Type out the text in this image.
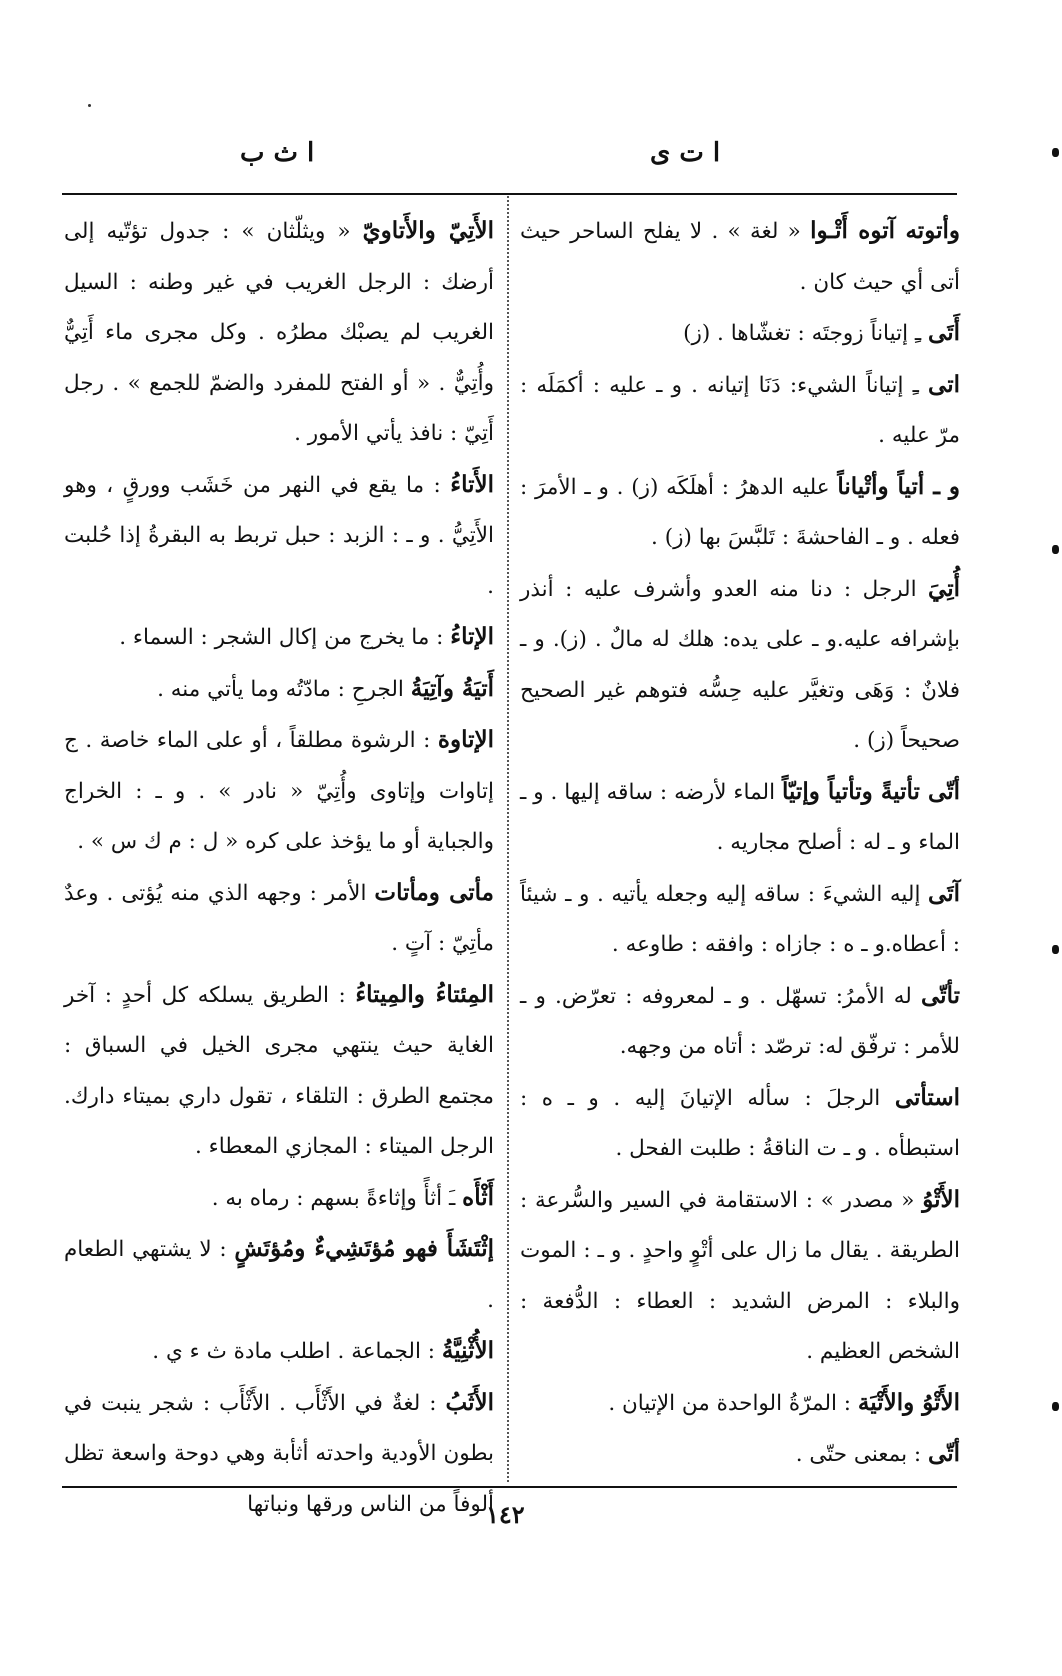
ا ت ى
ا ث ب

وأتوته آتوه أَتْـوا « لغة » . لا يفلح الساحر حيث أتى أي حيث كان .

أَتَى ـِ إتياناً زوجتَه : تغشّاها . (ز)

اتى ـِ إتياناً الشيء: دَنَا إتيانه . و ـ عليه : أكمَلَه : مرّ عليه .

و ـ أتياً وأتْياناً عليه الدهرُ : أهلَكَه (ز) . و ـ الأمرَ : فعله . و ـ الفاحشةَ : تَلبَّسَ بها (ز) .

أُتِيَ الرجل : دنا منه العدو وأشرف عليه : أنذر بإشرافه عليه.و ـ على يده: هلك له مالٌ . (ز). و ـ فلانٌ : وَهَى وتغيَّر عليه حِسُّه فتوهم غير الصحيح صحيحاً (ز) .

أتّى تأتيةً وتأتياً وإتيّاً الماء لأرضه : ساقه إليها . و ـ الماء و ـ له : أصلح مجاريه .

آتَى إليه الشيءَ : ساقه إليه وجعله يأتيه . و ـ شيئاً : أعطاه.و ـ ه : جازاه : وافقه : طاوعه .

تأتّى له الأمرُ: تسهّل . و ـ لمعروفه : تعرّض. و ـ للأمر : ترفّق له: ترصّد : أتاه من وجهه.

استأتى الرجلَ : سأله الإتيانَ إليه . و ـ ه : استبطأه . و ـ ت الناقةُ : طلبت الفحل .

الأَتْوُ « مصدر » : الاستقامة في السير والسُّرعة : الطريقة . يقال ما زال على أتْوٍ واحدٍ . و ـ : الموت والبلاء : المرض الشديد : العطاء : الدُّفعة : الشخص العظيم .

الأَتْوُ والأَتْيَة : المرّةُ الواحدة من الإتيان .

أتّى : بمعنى حتّى .

الأَتِيّ والأَتاويّ « ويثلّثان » : جدول تؤتّيه إلى أرضك : الرجل الغريب في غير وطنه : السيل الغريب لم يصبْك مطرُه . وكل مجرى ماء أَتِيٌّ وأُتِيٌّ . « أو الفتح للمفرد والضمّ للجمع » . رجل أَتِيّ : نافذ يأتي الأمور .

الأَتاءُ : ما يقع في النهر من خَشَب وورقٍ ، وهو الأَتِيُّ . و ـ : الزبد : حبل تربط به البقرةُ إذا حُلبت .

الإتاءُ : ما يخرج من إكال الشجر : السماء .

أَتيَةُ وآتِيَةُ الجرحِ : مادّتُه وما يأتي منه .

الإتاوة : الرشوة مطلقاً ، أو على الماء خاصة . ج إتاوات وإتاوى وأُتِيّ « نادر » . و ـ : الخراج والجباية أو ما يؤخذ على كره « ل : م ك س » .

مأتى ومأتات الأمر : وجهه الذي منه يُؤتى . وعدٌ مأتِيّ : آتٍ .

المِئتاءُ والمِيتاءُ : الطريق يسلكه كل أحدٍ : آخر الغاية حيث ينتهي مجرى الخيل في السباق : مجتمع الطرق : التلقاء ، تقول داري بميتاء دارك. الرجل الميتاء : المجازي المعطاء .

أَثْأَه ـَ أثأً وإثاءةً بسهم : رماه به .

إثْتَشَأَ فهو مُؤتَشِيءٌ ومُؤتَشٍ : لا يشتهي الطعام .

الأُثْنِيَّةُ : الجماعة . اطلب مادة ث ء ي .

الأَثَبُ : لغةٌ في الأَثْأَب . الأَثْأَب : شجر ينبت في بطون الأودية واحدته أثأبة وهي دوحة واسعة تظل ألوفاً من الناس ورقها ونباتها

١٤٢
